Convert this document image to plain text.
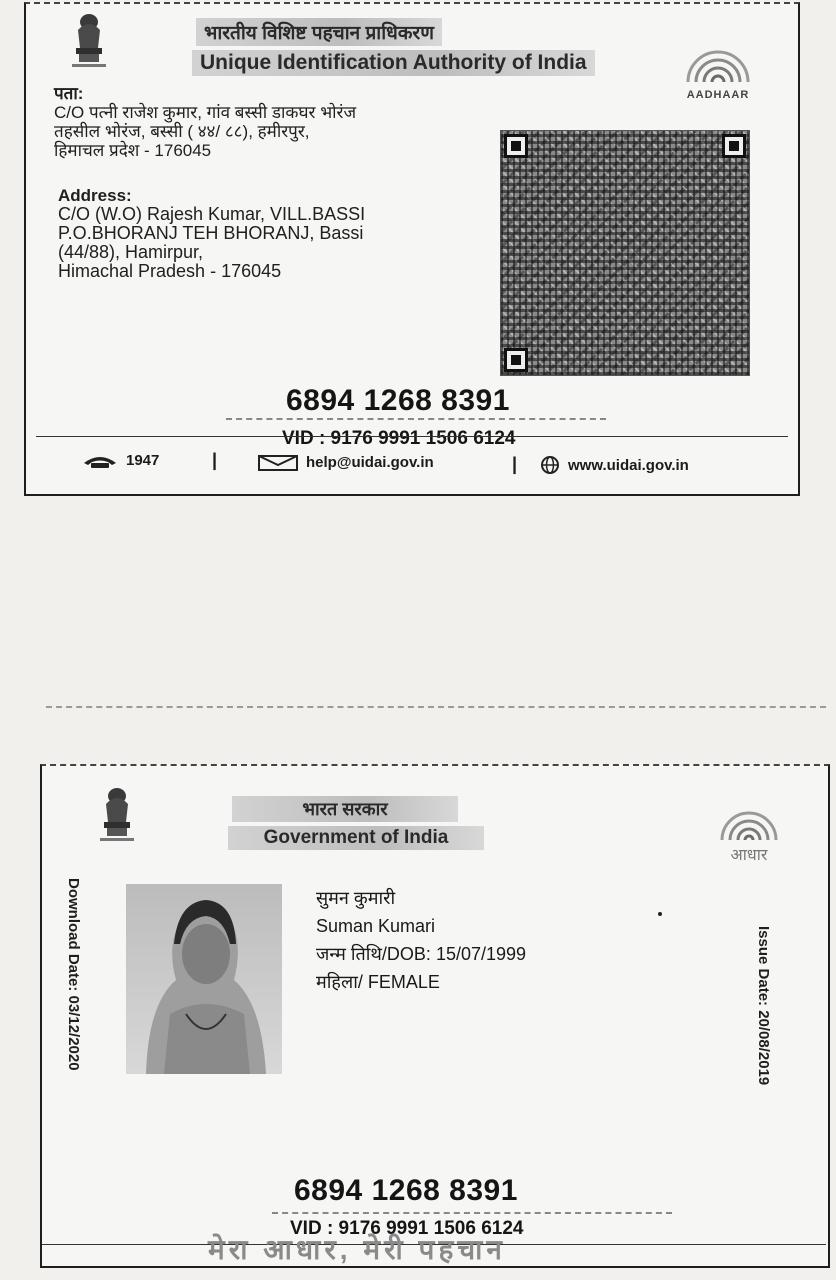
भारतीय विशिष्ट पहचान प्राधिकरण
Unique Identification Authority of India
AADHAAR
पता:
C/O पत्नी राजेश कुमार, गांव बस्सी डाकघर भोरंज
तहसील भोरंज, बस्सी ( ४४/ ८८), हमीरपुर,
हिमाचल प्रदेश - 176045
Address:
C/O (W.O) Rajesh Kumar, VILL.BASSI
P.O.BHORANJ TEH BHORANJ, Bassi
(44/88), Hamirpur,
Himachal Pradesh - 176045
6894 1268 8391
VID : 9176 9991 1506 6124
1947	|	help@uidai.gov.in	|	www.uidai.gov.in
भारत सरकार
Government of India
आधार
Download Date: 03/12/2020	सुमन कुमारी
Suman Kumari
जन्म तिथि/DOB: 15/07/1999
महिला/ FEMALE	Issue Date: 20/08/2019
6894 1268 8391
VID : 9176 9991 1506 6124
मेरा आधार, मेरी पहचान
